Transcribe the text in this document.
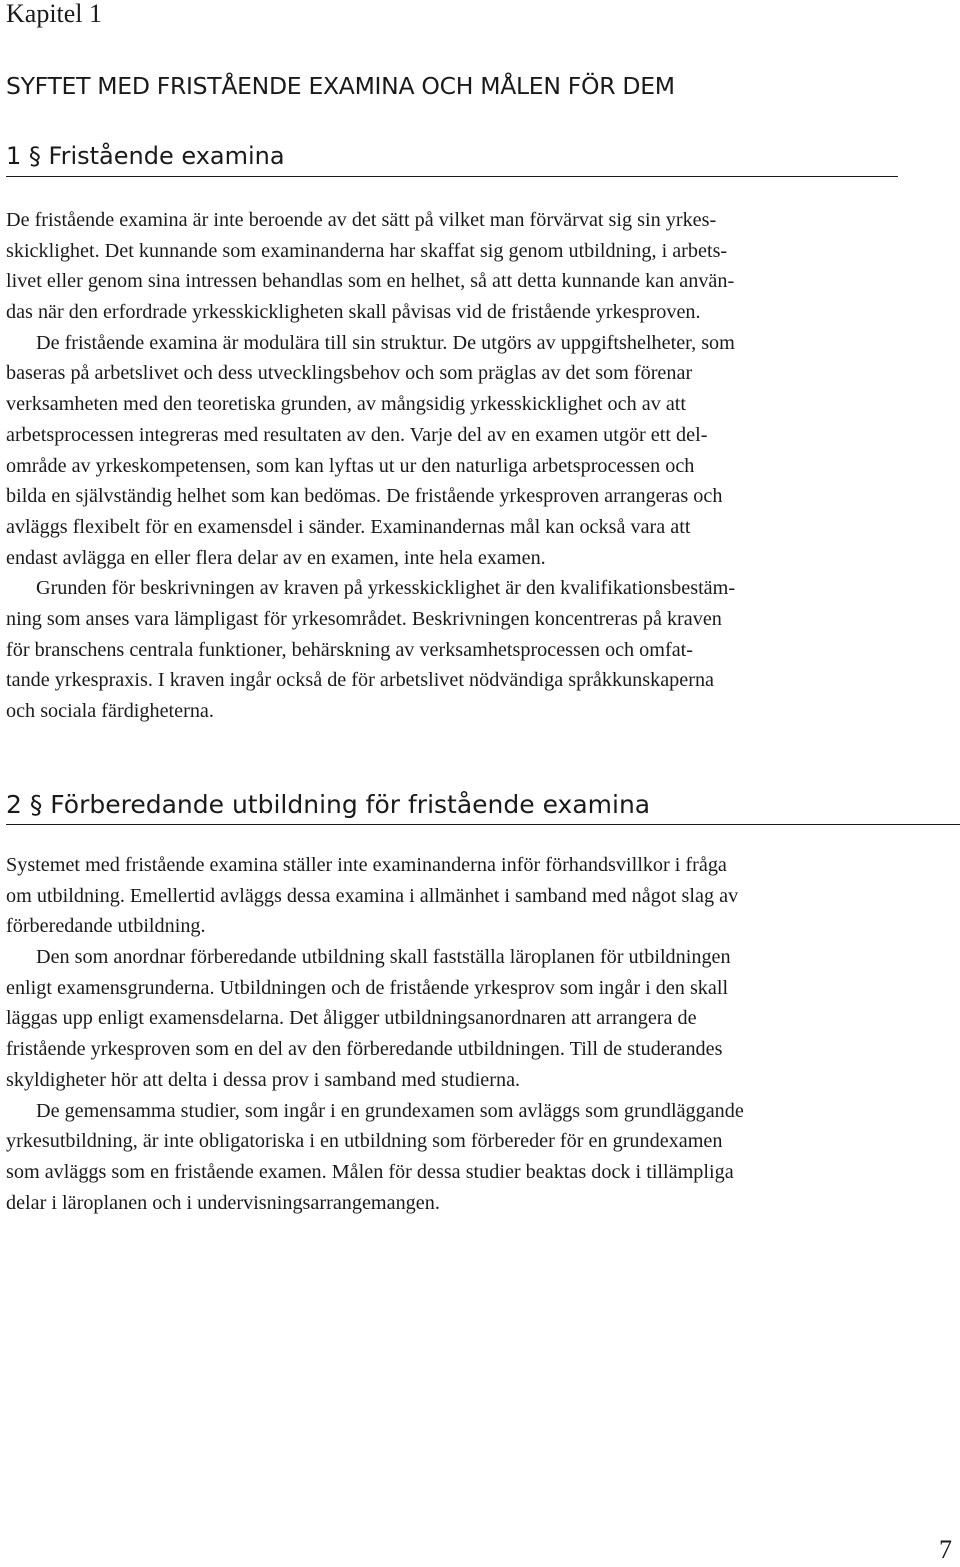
Kapitel 1
SYFTET MED FRISTÅENDE EXAMINA OCH MÅLEN FÖR DEM
1 § Fristående examina
De fristående examina är inte beroende av det sätt på vilket man förvärvat sig sin yrkes-
skicklighet. Det kunnande som examinanderna har skaffat sig genom utbildning, i arbets-
livet eller genom sina intressen behandlas som en helhet, så att detta kunnande kan använ-
das när den erfordrade yrkesskickligheten skall påvisas vid de fristående yrkesproven.
De fristående examina är modulära till sin struktur. De utgörs av uppgiftshelheter, som
baseras på arbetslivet och dess utvecklingsbehov och som präglas av det som förenar
verksamheten med den teoretiska grunden, av mångsidig yrkesskicklighet och av att
arbetsprocessen integreras med resultaten av den. Varje del av en examen utgör ett del-
område av yrkeskompetensen, som kan lyftas ut ur den naturliga arbetsprocessen och
bilda en självständig helhet som kan bedömas. De fristående yrkesproven arrangeras och
avläggs flexibelt för en examensdel i sänder. Examinandernas mål kan också vara att
endast avlägga en eller flera delar av en examen, inte hela examen.
Grunden för beskrivningen av kraven på yrkesskicklighet är den kvalifikationsbestäm-
ning som anses vara lämpligast för yrkesområdet. Beskrivningen koncentreras på kraven
för branschens centrala funktioner, behärskning av verksamhetsprocessen och omfat-
tande yrkespraxis. I kraven ingår också de för arbetslivet nödvändiga språkkunskaperna
och sociala färdigheterna.
2 § Förberedande utbildning för fristående examina
Systemet med fristående examina ställer inte examinanderna inför förhandsvillkor i fråga
om utbildning. Emellertid avläggs dessa examina i allmänhet i samband med något slag av
förberedande utbildning.
Den som anordnar förberedande utbildning skall fastställa läroplanen för utbildningen
enligt examensgrunderna. Utbildningen och de fristående yrkesprov som ingår i den skall
läggas upp enligt examensdelarna. Det åligger utbildningsanordnaren att arrangera de
fristående yrkesproven som en del av den förberedande utbildningen. Till de studerandes
skyldigheter hör att delta i dessa prov i samband med studierna.
De gemensamma studier, som ingår i en grundexamen som avläggs som grundläggande
yrkesutbildning, är inte obligatoriska i en utbildning som förbereder för en grundexamen
som avläggs som en fristående examen. Målen för dessa studier beaktas dock i tillämpliga
delar i läroplanen och i undervisningsarrangemangen.
7
